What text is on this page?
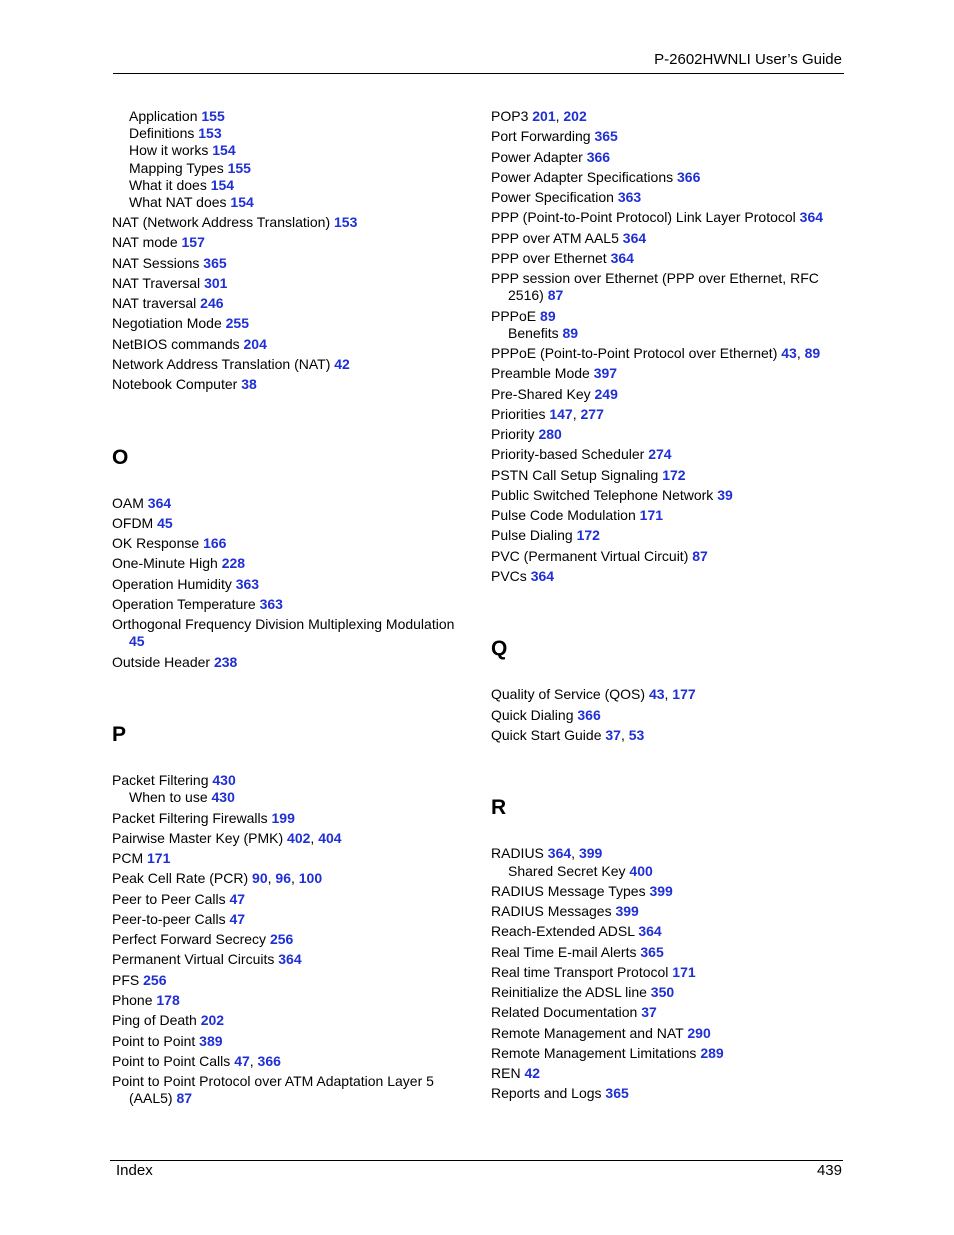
P-2602HWNLI User’s Guide
Application 155
Definitions 153
How it works 154
Mapping Types 155
What it does 154
What NAT does 154
NAT (Network Address Translation) 153
NAT mode 157
NAT Sessions 365
NAT Traversal 301
NAT traversal 246
Negotiation Mode 255
NetBIOS commands 204
Network Address Translation (NAT) 42
Notebook Computer 38
O
OAM 364
OFDM 45
OK Response 166
One-Minute High 228
Operation Humidity 363
Operation Temperature 363
Orthogonal Frequency Division Multiplexing Modulation
45
Outside Header 238
P
Packet Filtering 430
When to use 430
Packet Filtering Firewalls 199
Pairwise Master Key (PMK) 402, 404
PCM 171
Peak Cell Rate (PCR) 90, 96, 100
Peer to Peer Calls 47
Peer-to-peer Calls 47
Perfect Forward Secrecy 256
Permanent Virtual Circuits 364
PFS 256
Phone 178
Ping of Death 202
Point to Point 389
Point to Point Calls 47, 366
Point to Point Protocol over ATM Adaptation Layer 5
(AAL5) 87
POP3 201, 202
Port Forwarding 365
Power Adapter 366
Power Adapter Specifications 366
Power Specification 363
PPP (Point-to-Point Protocol) Link Layer Protocol 364
PPP over ATM AAL5 364
PPP over Ethernet 364
PPP session over Ethernet (PPP over Ethernet, RFC
2516) 87
PPPoE 89
Benefits 89
PPPoE (Point-to-Point Protocol over Ethernet) 43, 89
Preamble Mode 397
Pre-Shared Key 249
Priorities 147, 277
Priority 280
Priority-based Scheduler 274
PSTN Call Setup Signaling 172
Public Switched Telephone Network 39
Pulse Code Modulation 171
Pulse Dialing 172
PVC (Permanent Virtual Circuit) 87
PVCs 364
Q
Quality of Service (QOS) 43, 177
Quick Dialing 366
Quick Start Guide 37, 53
R
RADIUS 364, 399
Shared Secret Key 400
RADIUS Message Types 399
RADIUS Messages 399
Reach-Extended ADSL 364
Real Time E-mail Alerts 365
Real time Transport Protocol 171
Reinitialize the ADSL line 350
Related Documentation 37
Remote Management and NAT 290
Remote Management Limitations 289
REN 42
Reports and Logs 365
Index	439
